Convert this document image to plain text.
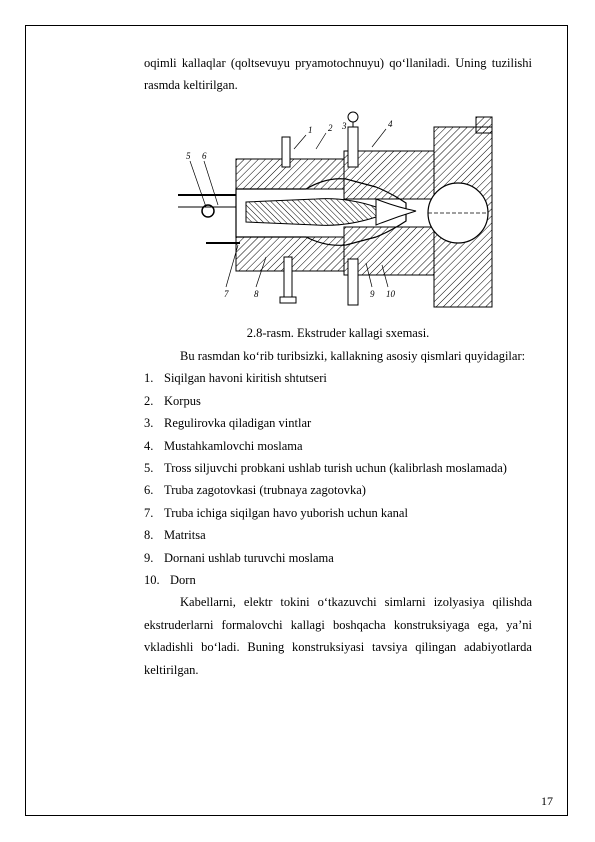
oqimli kallaqlar (qoltsevuyu pryamotochnuyu) qo‘llaniladi. Uning tuzilishi rasmda keltirilgan.

1 2 3	4
5 6
7	8	9 10
2.8-rasm. Ekstruder kallagi sxemasi.

Bu rasmdan ko‘rib turibsizki, kallakning asosiy qismlari quyidagilar:

1. Siqilgan havoni kiritish shtutseri
2. Korpus
3. Regulirovka qiladigan vintlar
4. Mustahkamlovchi moslama
5. Tross siljuvchi probkani ushlab turish uchun (kalibrlash moslamada)
6. Truba zagotovkasi (trubnaya zagotovka)
7. Truba ichiga siqilgan havo yuborish uchun kanal
8. Matritsa
9. Dornani ushlab turuvchi moslama
10. Dorn

Kabellarni, elektr tokini o‘tkazuvchi simlarni izolyasiya qilishda ekstruderlarni formalovchi kallagi boshqacha konstruksiyaga ega, ya’ni vkladishli bo‘ladi. Buning konstruksiyasi tavsiya qilingan adabiyotlarda keltirilgan.

17
